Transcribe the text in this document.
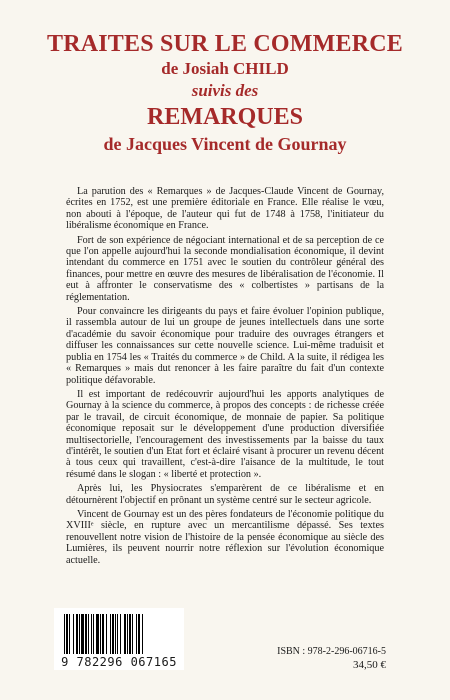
TRAITES SUR LE COMMERCE

de Josiah CHILD

suivis des

REMARQUES

de Jacques Vincent de Gournay

La parution des « Remarques » de Jacques-Claude Vincent de Gournay, écrites en 1752, est une première éditoriale en France. Elle réalise le vœu, non abouti à l'époque, de l'auteur qui fut de 1748 à 1758, l'initiateur du libéralisme économique en France.

Fort de son expérience de négociant international et de sa perception de ce que l'on appelle aujourd'hui la seconde mondialisation économique, il devint intendant du commerce en 1751 avec le soutien du contrôleur général des finances, pour mettre en œuvre des mesures de libéralisation de l'économie. Il eut à affronter le conservatisme des « colbertistes » partisans de la réglementation.

Pour convaincre les dirigeants du pays et faire évoluer l'opinion publique, il rassembla autour de lui un groupe de jeunes intellectuels dans une sorte d'académie du savoir économique pour traduire des ouvrages étrangers et diffuser les connaissances sur cette nouvelle science. Lui-même traduisit et publia en 1754 les « Traités du commerce » de Child. A la suite, il rédigea les « Remarques » mais dut renoncer à les faire paraître du fait d'un contexte politique défavorable.

Il est important de redécouvrir aujourd'hui les apports analytiques de Gournay à la science du commerce, à propos des concepts : de richesse créée par le travail, de circuit économique, de monnaie de papier. Sa politique économique reposait sur le développement d'une production diversifiée multisectorielle, l'encouragement des investissements par la baisse du taux d'intérêt, le soutien d'un Etat fort et éclairé visant à procurer un revenu décent à tous ceux qui travaillent, c'est-à-dire l'aisance de la multitude, le tout résumé dans le slogan : « liberté et protection ».

Après lui, les Physiocrates s'emparèrent de ce libéralisme et en détournèrent l'objectif en prônant un système centré sur le secteur agricole.

Vincent de Gournay est un des pères fondateurs de l'économie politique du XVIIIᵉ siècle, en rupture avec un mercantilisme dépassé. Ses textes renouvellent notre vision de l'histoire de la pensée économique au siècle des Lumières, ils peuvent nourrir notre réflexion sur l'évolution économique actuelle.

9 782296 067165
ISBN : 978-2-296-06716-5
34,50 €
